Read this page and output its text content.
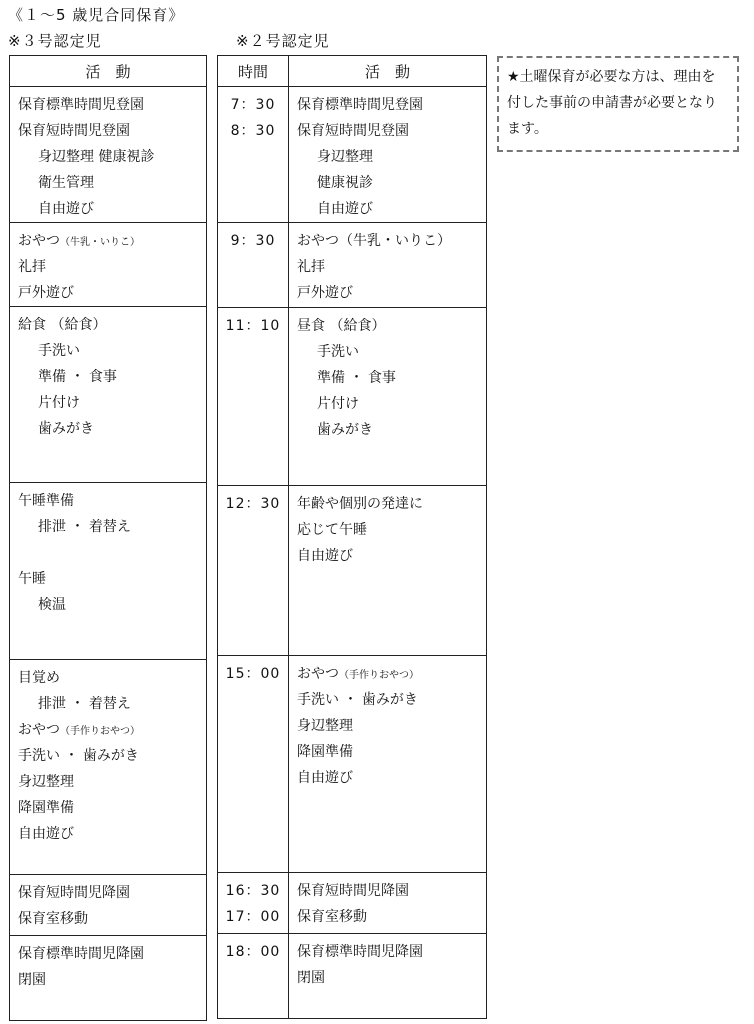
《１～5 歳児合同保育》
※３号認定児	※２号認定児
活　動

保育標準時間児登園
保育短時間児登園
身辺整理 健康視診
衛生管理
自由遊び

おやつ（牛乳・いりこ）
礼拝
戸外遊び

給食 （給食）
手洗い
準備 ・ 食事
片付け
歯みがき

午睡準備
排泄 ・ 着替え
午睡
検温

目覚め
排泄 ・ 着替え
おやつ（手作りおやつ）
手洗い ・ 歯みがき
身辺整理
降園準備
自由遊び

保育短時間児降園
保育室移動

保育標準時間児降園
閉園
時間	活　動

7：30
8：30	保育標準時間児登園
保育短時間児登園
身辺整理
健康視診
自由遊び

9：30	おやつ（牛乳・いりこ）
礼拝
戸外遊び

11：10	昼食 （給食）
手洗い
準備 ・ 食事
片付け
歯みがき

12：30	年齢や個別の発達に
応じて午睡
自由遊び

15：00	おやつ（手作りおやつ）
手洗い ・ 歯みがき
身辺整理
降園準備
自由遊び

16：30
17：00	保育短時間児降園
保育室移動

18：00	保育標準時間児降園
閉園
★土曜保育が必要な方は、理由を付した事前の申請書が必要となります。
